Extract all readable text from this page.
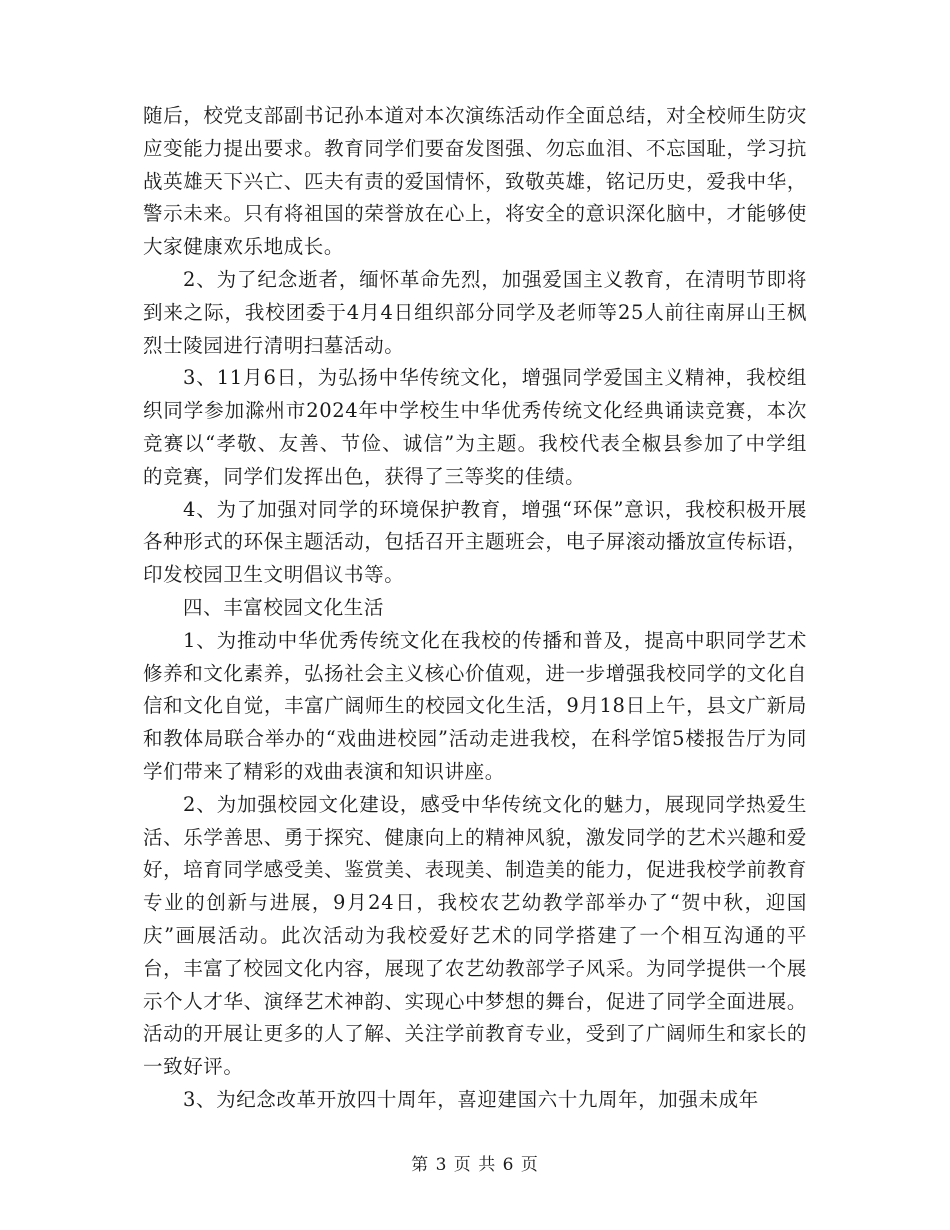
随后，校党支部副书记孙本道对本次演练活动作全面总结，对全校师生防灾应变能力提出要求。教育同学们要奋发图强、勿忘血泪、不忘国耻，学习抗战英雄天下兴亡、匹夫有责的爱国情怀，致敬英雄，铭记历史，爱我中华，警示未来。只有将祖国的荣誉放在心上，将安全的意识深化脑中，才能够使大家健康欢乐地成长。

2、为了纪念逝者，缅怀革命先烈，加强爱国主义教育，在清明节即将到来之际，我校团委于4月4日组织部分同学及老师等25人前往南屏山王枫烈士陵园进行清明扫墓活动。

3、11月6日，为弘扬中华传统文化，增强同学爱国主义精神，我校组织同学参加滁州市2024年中学校生中华优秀传统文化经典诵读竞赛，本次竞赛以“孝敬、友善、节俭、诚信”为主题。我校代表全椒县参加了中学组的竞赛，同学们发挥出色，获得了三等奖的佳绩。

4、为了加强对同学的环境保护教育，增强“环保”意识，我校积极开展各种形式的环保主题活动，包括召开主题班会，电子屏滚动播放宣传标语，印发校园卫生文明倡议书等。

四、丰富校园文化生活

1、为推动中华优秀传统文化在我校的传播和普及，提高中职同学艺术修养和文化素养，弘扬社会主义核心价值观，进一步增强我校同学的文化自信和文化自觉，丰富广阔师生的校园文化生活，9月18日上午，县文广新局和教体局联合举办的“戏曲进校园”活动走进我校，在科学馆5楼报告厅为同学们带来了精彩的戏曲表演和知识讲座。

2、为加强校园文化建设，感受中华传统文化的魅力，展现同学热爱生活、乐学善思、勇于探究、健康向上的精神风貌，激发同学的艺术兴趣和爱好，培育同学感受美、鉴赏美、表现美、制造美的能力，促进我校学前教育专业的创新与进展，9月24日，我校农艺幼教学部举办了“贺中秋，迎国庆”画展活动。此次活动为我校爱好艺术的同学搭建了一个相互沟通的平台，丰富了校园文化内容，展现了农艺幼教部学子风采。为同学提供一个展示个人才华、演绎艺术神韵、实现心中梦想的舞台，促进了同学全面进展。活动的开展让更多的人了解、关注学前教育专业，受到了广阔师生和家长的一致好评。

3、为纪念改革开放四十周年，喜迎建国六十九周年，加强未成年

第 3 页 共 6 页
